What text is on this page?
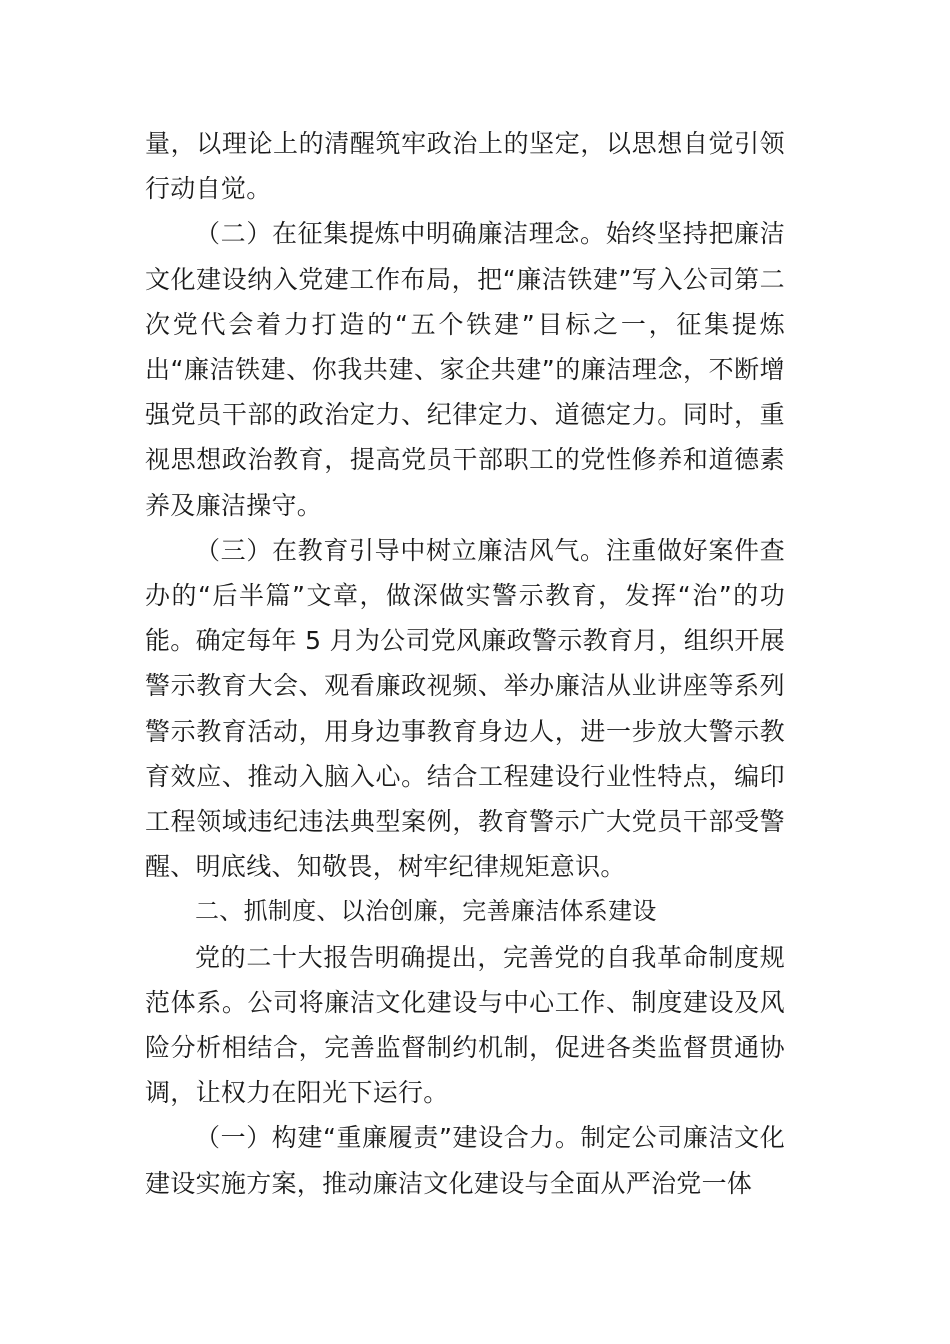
量，以理论上的清醒筑牢政治上的坚定，以思想自觉引领行动自觉。

（二）在征集提炼中明确廉洁理念。始终坚持把廉洁文化建设纳入党建工作布局，把“廉洁铁建”写入公司第二次党代会着力打造的“五个铁建”目标之一，征集提炼出“廉洁铁建、你我共建、家企共建”的廉洁理念，不断增强党员干部的政治定力、纪律定力、道德定力。同时，重视思想政治教育，提高党员干部职工的党性修养和道德素养及廉洁操守。

（三）在教育引导中树立廉洁风气。注重做好案件查办的“后半篇”文章，做深做实警示教育，发挥“治”的功能。确定每年 5 月为公司党风廉政警示教育月，组织开展警示教育大会、观看廉政视频、举办廉洁从业讲座等系列警示教育活动，用身边事教育身边人，进一步放大警示教育效应、推动入脑入心。结合工程建设行业性特点，编印工程领域违纪违法典型案例，教育警示广大党员干部受警醒、明底线、知敬畏，树牢纪律规矩意识。

二、抓制度、以治创廉，完善廉洁体系建设

党的二十大报告明确提出，完善党的自我革命制度规范体系。公司将廉洁文化建设与中心工作、制度建设及风险分析相结合，完善监督制约机制，促进各类监督贯通协调，让权力在阳光下运行。

（一）构建“重廉履责”建设合力。制定公司廉洁文化建设实施方案，推动廉洁文化建设与全面从严治党一体
